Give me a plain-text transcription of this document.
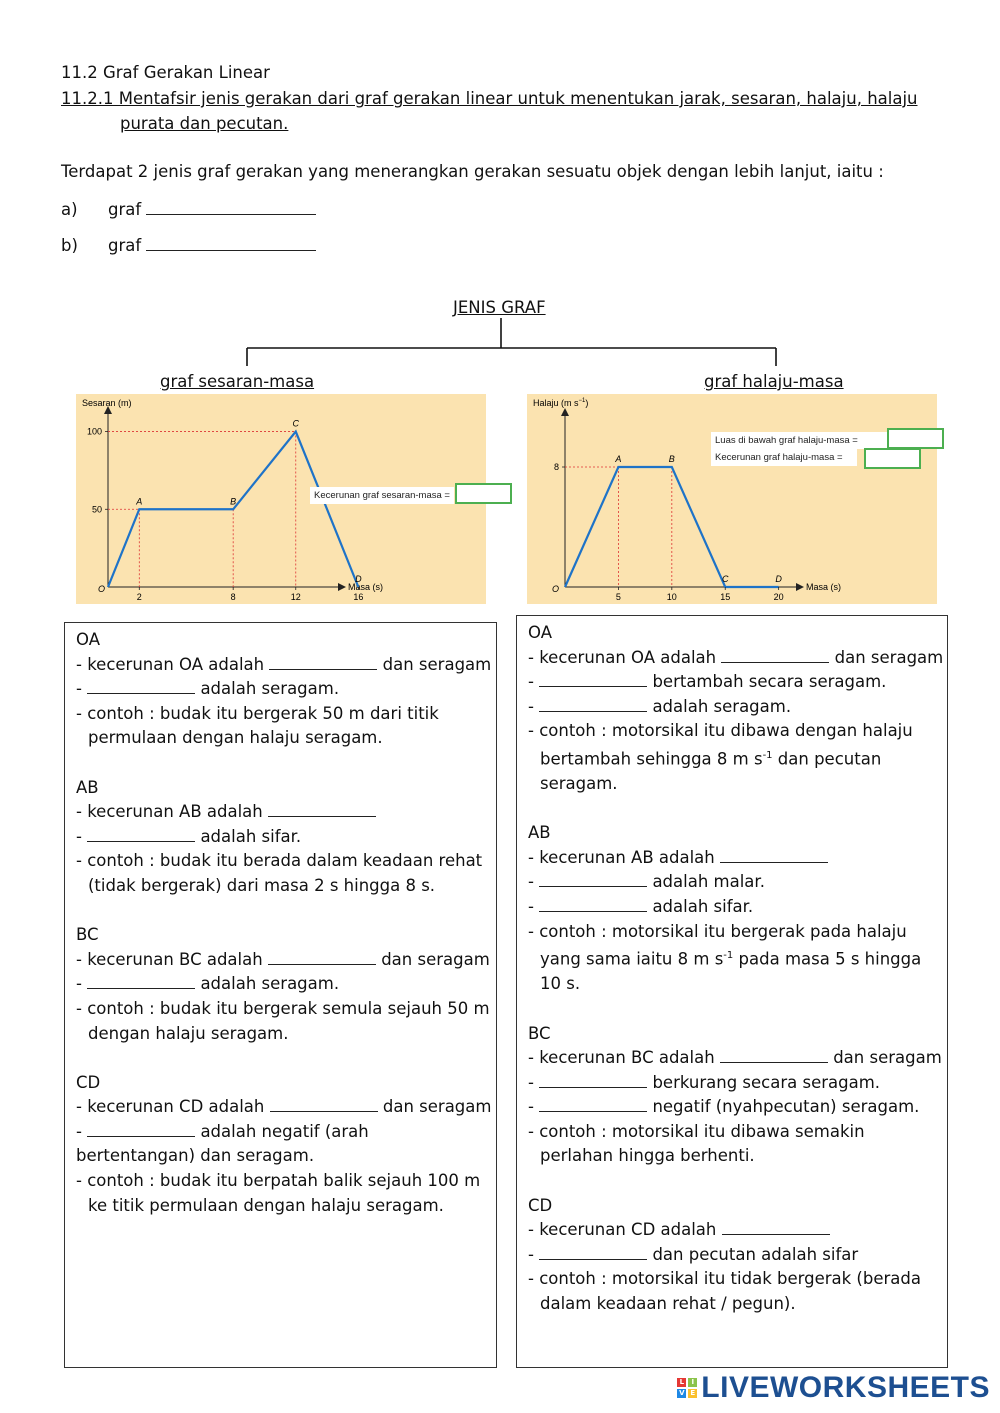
11.2 Graf Gerakan Linear
11.2.1 Mentafsir jenis gerakan dari graf gerakan linear untuk menentukan jarak, sesaran, halaju, halaju
purata dan pecutan.
Terdapat 2 jenis graf gerakan yang menerangkan gerakan sesuatu objek dengan lebih lanjut, iaitu :
a) graf
b) graf
JENIS GRAF
graf sesaran-masa	graf halaju-masa
Sesaran (m)
Masa (s)
O
2	8	12	16
100
50
A	B
C
D
Kecerunan graf sesaran-masa =
Halaju (m $s^{-1}$)
Masa (s)
O
5	10	15	20
8
A	B
C	D
Luas di bawah graf halaju-masa =
Kecerunan graf halaju-masa =
OA
- kecerunan OA adalah	dan seragam
-	adalah seragam.
- contoh : budak itu bergerak 50 m dari titik
permulaan dengan halaju seragam.
AB
- kecerunan AB adalah
-	adalah sifar.
- contoh : budak itu berada dalam keadaan rehat
(tidak bergerak) dari masa 2 s hingga 8 s.
BC
- kecerunan BC adalah	dan seragam
-	adalah seragam.
- contoh : budak itu bergerak semula sejauh 50 m
dengan halaju seragam.
CD
- kecerunan CD adalah	dan seragam
-	adalah negatif (arah
bertentangan) dan seragam.
- contoh : budak itu berpatah balik sejauh 100 m
ke titik permulaan dengan halaju seragam.
OA
- kecerunan OA adalah	dan seragam
-	bertambah secara seragam.
-	adalah seragam.
- contoh : motorsikal itu dibawa dengan halaju
bertambah sehingga 8 m $s^{-1}$ dan pecutan
seragam.
AB
- kecerunan AB adalah
-	adalah malar.
-	adalah sifar.
- contoh : motorsikal itu bergerak pada halaju
yang sama iaitu 8 m $s^{-1}$ pada masa 5 s hingga
10 s.
BC
- kecerunan BC adalah	dan seragam
-	berkurang secara seragam.
-	negatif (nyahpecutan) seragam.
- contoh : motorsikal itu dibawa semakin
perlahan hingga berhenti.
CD
- kecerunan CD adalah
-	dan pecutan adalah sifar
- contoh : motorsikal itu tidak bergerak (berada
dalam keadaan rehat / pegun).
L	I
V E LIVEWORKSHEETS
